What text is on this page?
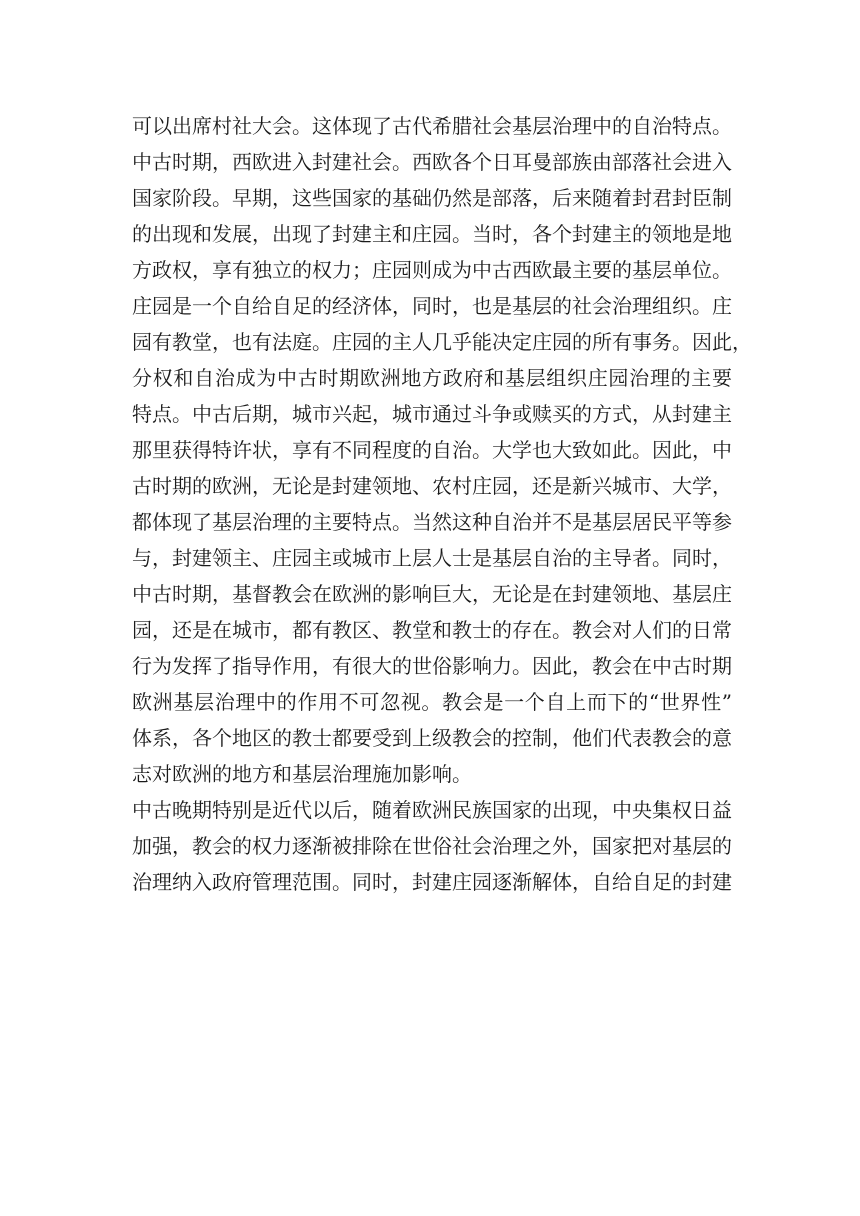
可以出席村社大会。这体现了古代希腊社会基层治理中的自治特点。
中古时期，西欧进入封建社会。西欧各个日耳曼部族由部落社会进入
国家阶段。早期，这些国家的基础仍然是部落，后来随着封君封臣制
的出现和发展，出现了封建主和庄园。当时，各个封建主的领地是地
方政权，享有独立的权力；庄园则成为中古西欧最主要的基层单位。
庄园是一个自给自足的经济体，同时，也是基层的社会治理组织。庄
园有教堂，也有法庭。庄园的主人几乎能决定庄园的所有事务。因此，
分权和自治成为中古时期欧洲地方政府和基层组织庄园治理的主要
特点。中古后期，城市兴起，城市通过斗争或赎买的方式，从封建主
那里获得特许状，享有不同程度的自治。大学也大致如此。因此，中
古时期的欧洲，无论是封建领地、农村庄园，还是新兴城市、大学，
都体现了基层治理的主要特点。当然这种自治并不是基层居民平等参
与，封建领主、庄园主或城市上层人士是基层自治的主导者。同时，
中古时期，基督教会在欧洲的影响巨大，无论是在封建领地、基层庄
园，还是在城市，都有教区、教堂和教士的存在。教会对人们的日常
行为发挥了指导作用，有很大的世俗影响力。因此，教会在中古时期
欧洲基层治理中的作用不可忽视。教会是一个自上而下的“世界性”
体系，各个地区的教士都要受到上级教会的控制，他们代表教会的意
志对欧洲的地方和基层治理施加影响。
中古晚期特别是近代以后，随着欧洲民族国家的出现，中央集权日益
加强，教会的权力逐渐被排除在世俗社会治理之外，国家把对基层的
治理纳入政府管理范围。同时，封建庄园逐渐解体，自给自足的封建
